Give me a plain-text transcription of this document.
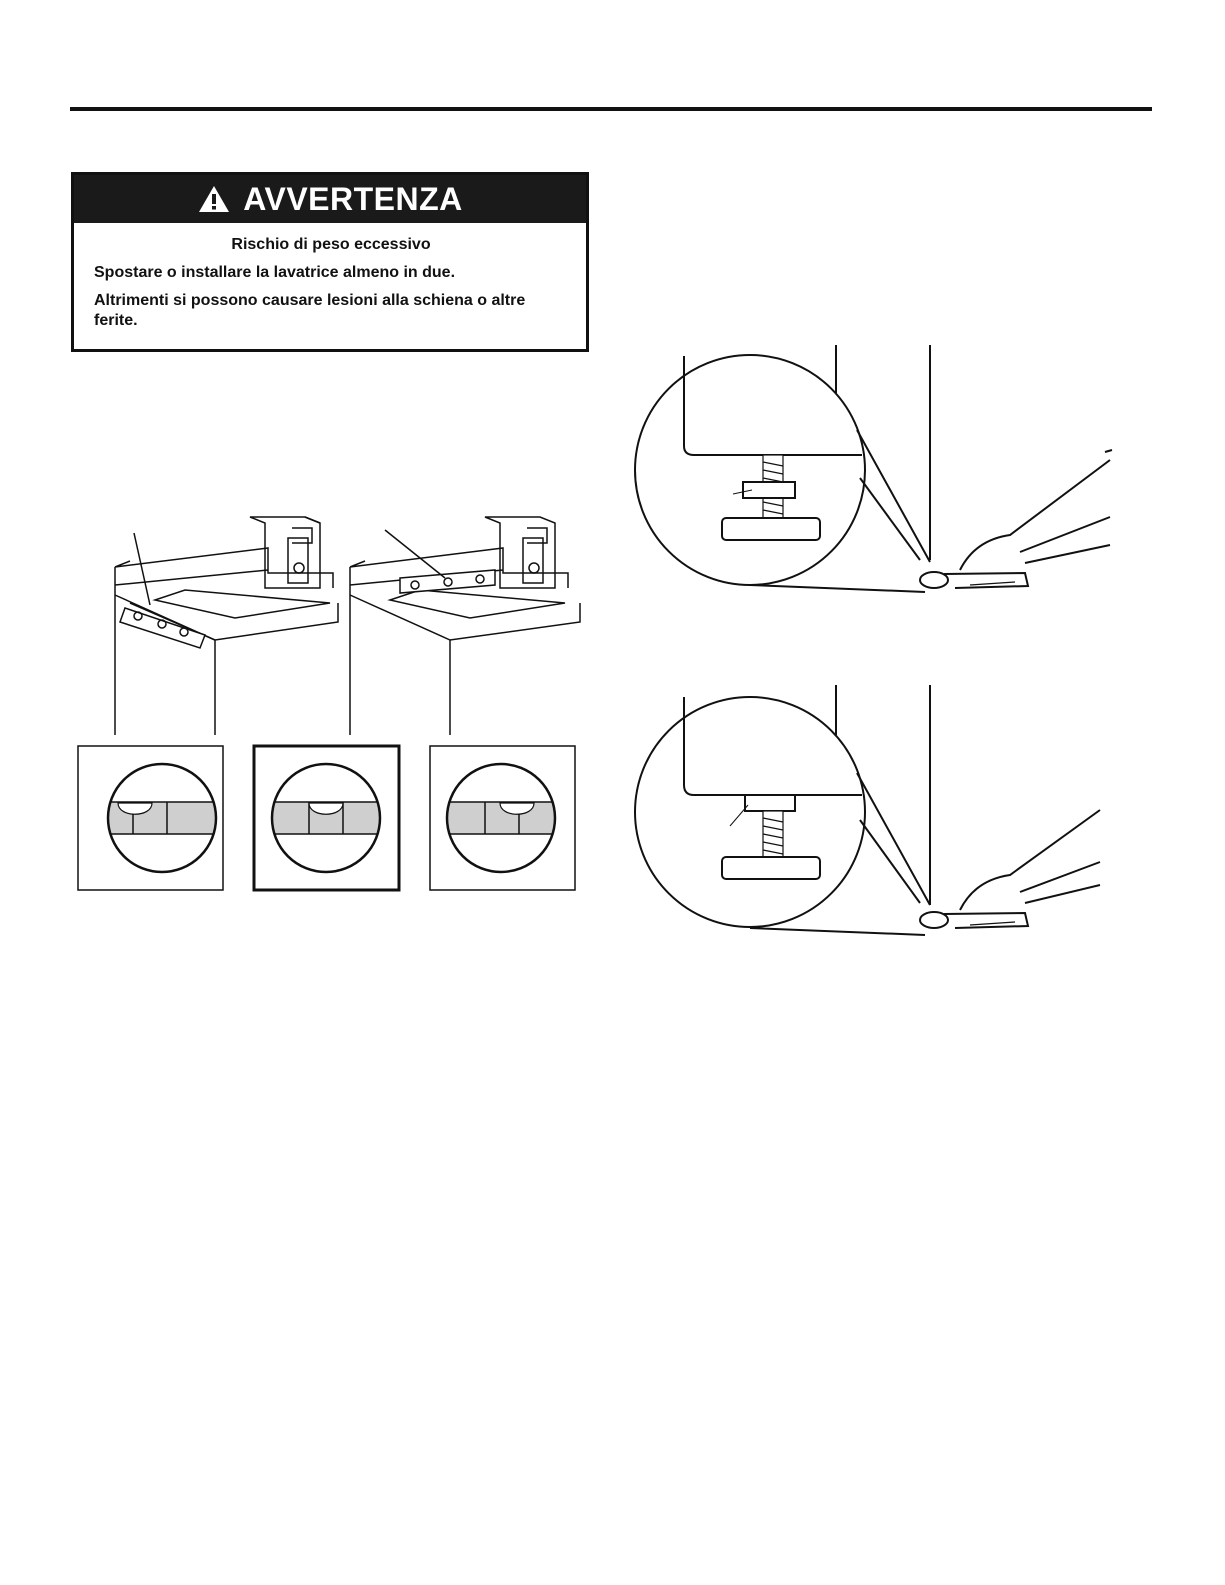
AVVERTENZA
Rischio di peso eccessivo
Spostare o installare la lavatrice almeno in due.
Altrimenti si possono causare lesioni alla schiena o altre ferite.
